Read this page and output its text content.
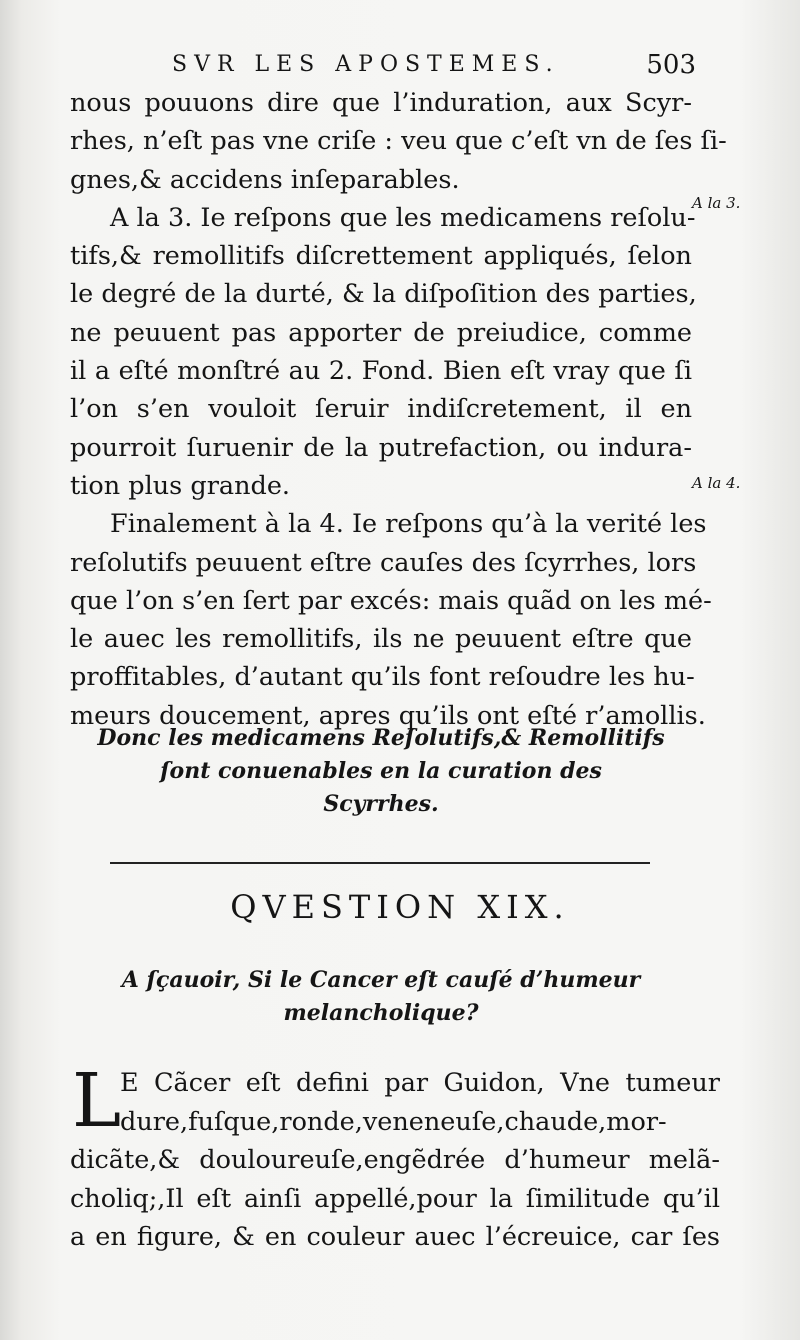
SVR LES APOSTEMES.	503
nous pouuons dire que l’induration, aux Scyr-
rhes, n’eſt pas vne criſe : veu que c’eſt vn de ſes ſi-
gnes,& accidens inſeparables.
A la 3. Ie reſpons que les medicamens reſolu-
tifs,& remollitifs diſcrettement appliqués, ſelon
le degré de la durté, & la diſpoſition des parties,
ne peuuent pas apporter de preiudice, comme
il a eſté monſtré au 2. Fond. Bien eſt vray que ſi
l’on s’en vouloit ſeruir indiſcretement, il en
pourroit ſuruenir de la putrefaction, ou indura-
tion plus grande.
Finalement à la 4. Ie reſpons qu’à la verité les
reſolutifs peuuent eſtre cauſes des ſcyrrhes, lors
que l’on s’en ſert par excés: mais quãd on les mé-
le auec les remollitifs, ils ne peuuent eſtre que
proffitables, d’autant qu’ils font reſoudre les hu-
meurs doucement, apres qu’ils ont eſté r’amollis.
A la 3.
A la 4.
Donc les medicamens Reſolutifs,& Remollitifs
ſont conuenables en la curation des
Scyrrhes.
QVESTION XIX.
A ſçauoir, Si le Cancer eſt cauſé d’humeur
melancholique?
L
E Cãcer eſt defini par Guidon, Vne tumeur
dure,fuſque,ronde,veneneuſe,chaude,mor-
dicãte,& douloureuſe,engẽdrée d’humeur melã-
choliq;,Il eſt ainſi appellé,pour la ſimilitude qu’il
a en figure, & en couleur auec l’écreuice, car ſes
